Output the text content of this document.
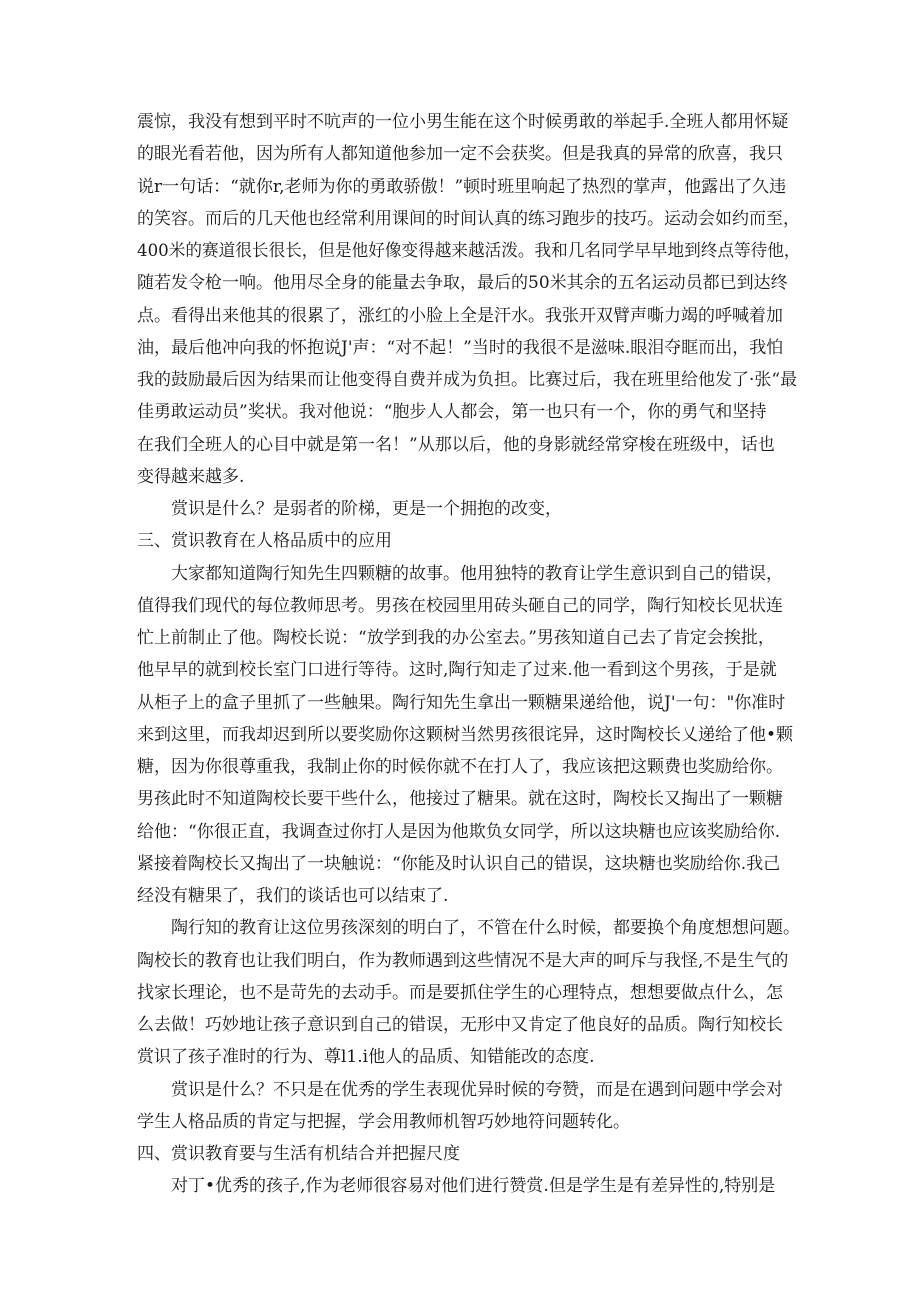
震惊，我没有想到平时不吭声的一位小男生能在这个时候勇敢的举起手.全班人都用怀疑
的眼光看若他，因为所有人都知道他参加一定不会获奖。但是我真的异常的欣喜，我只
说r一句话：“就你r,老师为你的勇敢骄傲！”顿时班里响起了热烈的掌声，他露出了久违
的笑容。而后的几天他也经常利用课间的时间认真的练习跑步的技巧。运动会如约而至，
400米的赛道很长很长，但是他好像变得越来越活泼。我和几名同学早早地到终点等待他，
随若发令枪一响。他用尽全身的能量去争取，最后的50米其余的五名运动员都已到达终
点。看得出来他其的很累了，涨红的小脸上全是汗水。我张开双臂声嘶力竭的呼喊着加
油，最后他冲向我的怀抱说J'声：“对不起！”当时的我很不是滋味.眼泪夺眶而出，我怕
我的鼓励最后因为结果而让他变得自费并成为负担。比赛过后，我在班里给他发了·张“最
佳勇敢运动员”奖状。我对他说：“胞步人人都会，第一也只有一个，你的勇气和坚持
在我们全班人的心目中就是第一名！”从那以后，他的身影就经常穿梭在班级中，话也
变得越来越多.

赏识是什么？是弱者的阶梯，更是一个拥抱的改变，

三、赏识教育在人格品质中的应用

大家都知道陶行知先生四颗糖的故事。他用独特的教育让学生意识到自己的错误，
值得我们现代的每位教师思考。男孩在校园里用砖头砸自己的同学，陶行知校长见状连
忙上前制止了他。陶校长说：“放学到我的办公室去。”男孩知道自己去了肯定会挨批，
他早早的就到校长室门口进行等待。这时,陶行知走了过来.他一看到这个男孩，于是就
从柜子上的盒子里抓了一些触果。陶行知先生拿出一颗糖果递给他，说J'一句："你准时
来到这里，而我却迟到所以要奖励你这颗树当然男孩很诧异，这时陶校长乂递给了他•颗
糖，因为你很尊重我，我制止你的时候你就不在打人了，我应该把这颗费也奖励给你。
男孩此时不知道陶校长要干些什么，他接过了糖果。就在这时，陶校长又掏出了一颗糖
给他：“你很正直，我调查过你打人是因为他欺负女同学，所以这块糖也应该奖励给你.
紧接着陶校长又掏出了一块触说：“你能及时认识自己的错误，这块糖也奖励给你.我己
经没有糖果了，我们的谈话也可以结束了.

陶行知的教育让这位男孩深刻的明白了，不管在什么时候，都要换个角度想想问题。
陶校长的教育也让我们明白，作为教师遇到这些情况不是大声的呵斥与我怪,不是生气的
找家长理论，也不是苛先的去动手。而是要抓住学生的心理特点，想想要做点什么，怎
么去做！巧妙地让孩子意识到自己的错误，无形中又肯定了他良好的品质。陶行知校长
赏识了孩子准时的行为、尊l1.i他人的品质、知错能改的态度.

赏识是什么？不只是在优秀的学生表现优异时候的夸赞，而是在遇到问题中学会对
学生人格品质的肯定与把握，学会用教师机智巧妙地符问题转化。

四、赏识教育要与生活有机结合并把握尺度

对丁•优秀的孩子,作为老师很容易对他们进行赞赏.但是学生是有差异性的,特别是
